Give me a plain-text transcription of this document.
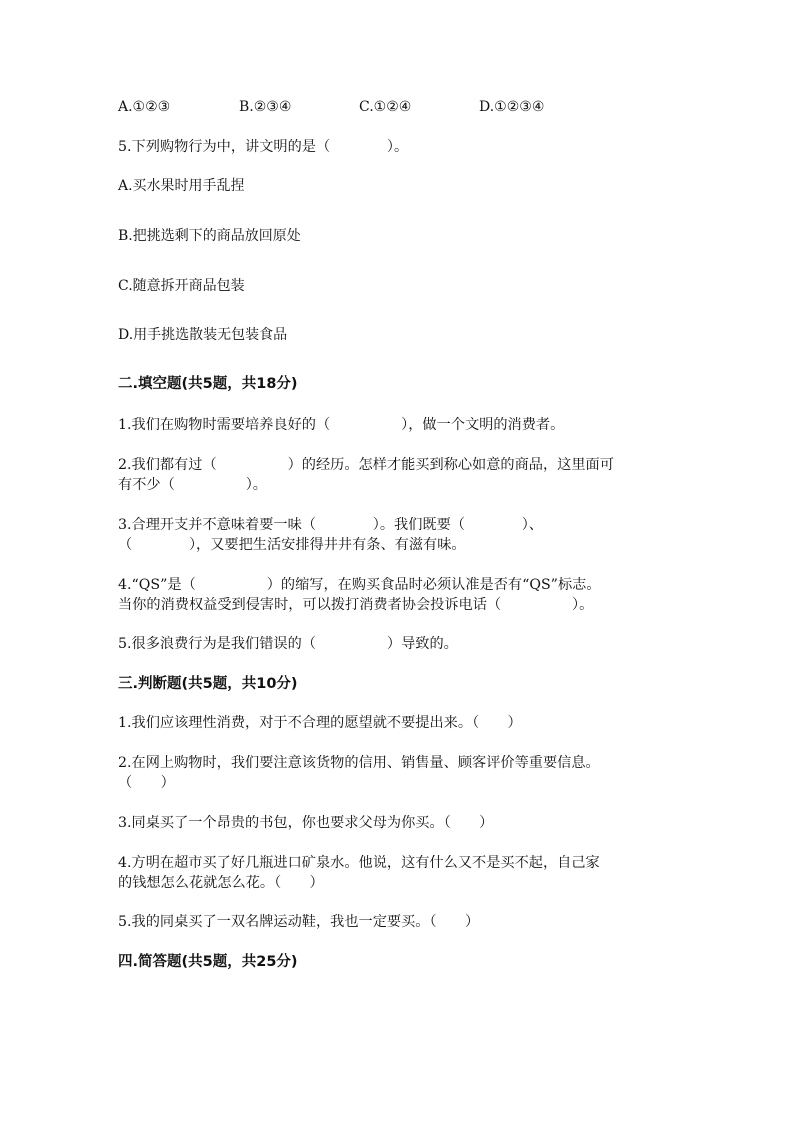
A.①②③

	B.②③④

	C.①②④

	D.①②③④

5.下列购物行为中，讲文明的是（　　　　）。
A.买水果时用手乱捏
B.把挑选剩下的商品放回原处
C.随意拆开商品包装
D.用手挑选散装无包装食品
二.填空题(共5题，共18分)
1.我们在购物时需要培养良好的（　　　　　），做一个文明的消费者。
2.我们都有过（　　　　　）的经历。怎样才能买到称心如意的商品，这里面可
有不少（　　　　　）。
3.合理开支并不意味着要一味（　　　　）。我们既要（　　　　）、
（　　　　），又要把生活安排得井井有条、有滋有味。
4.“QS”是（　　　　　）的缩写，在购买食品时必须认准是否有“QS”标志。
当你的消费权益受到侵害时，可以拨打消费者协会投诉电话（　　　　　）。
5.很多浪费行为是我们错误的（　　　　　）导致的。
三.判断题(共5题，共10分)
1.我们应该理性消费，对于不合理的愿望就不要提出来。（　　）
2.在网上购物时，我们要注意该货物的信用、销售量、顾客评价等重要信息。
（　　）
3.同桌买了一个昂贵的书包，你也要求父母为你买。（　　）
4.方明在超市买了好几瓶进口矿泉水。他说，这有什么又不是买不起，自己家
的钱想怎么花就怎么花。（　　）
5.我的同桌买了一双名牌运动鞋，我也一定要买。（　　）
四.简答题(共5题，共25分)
